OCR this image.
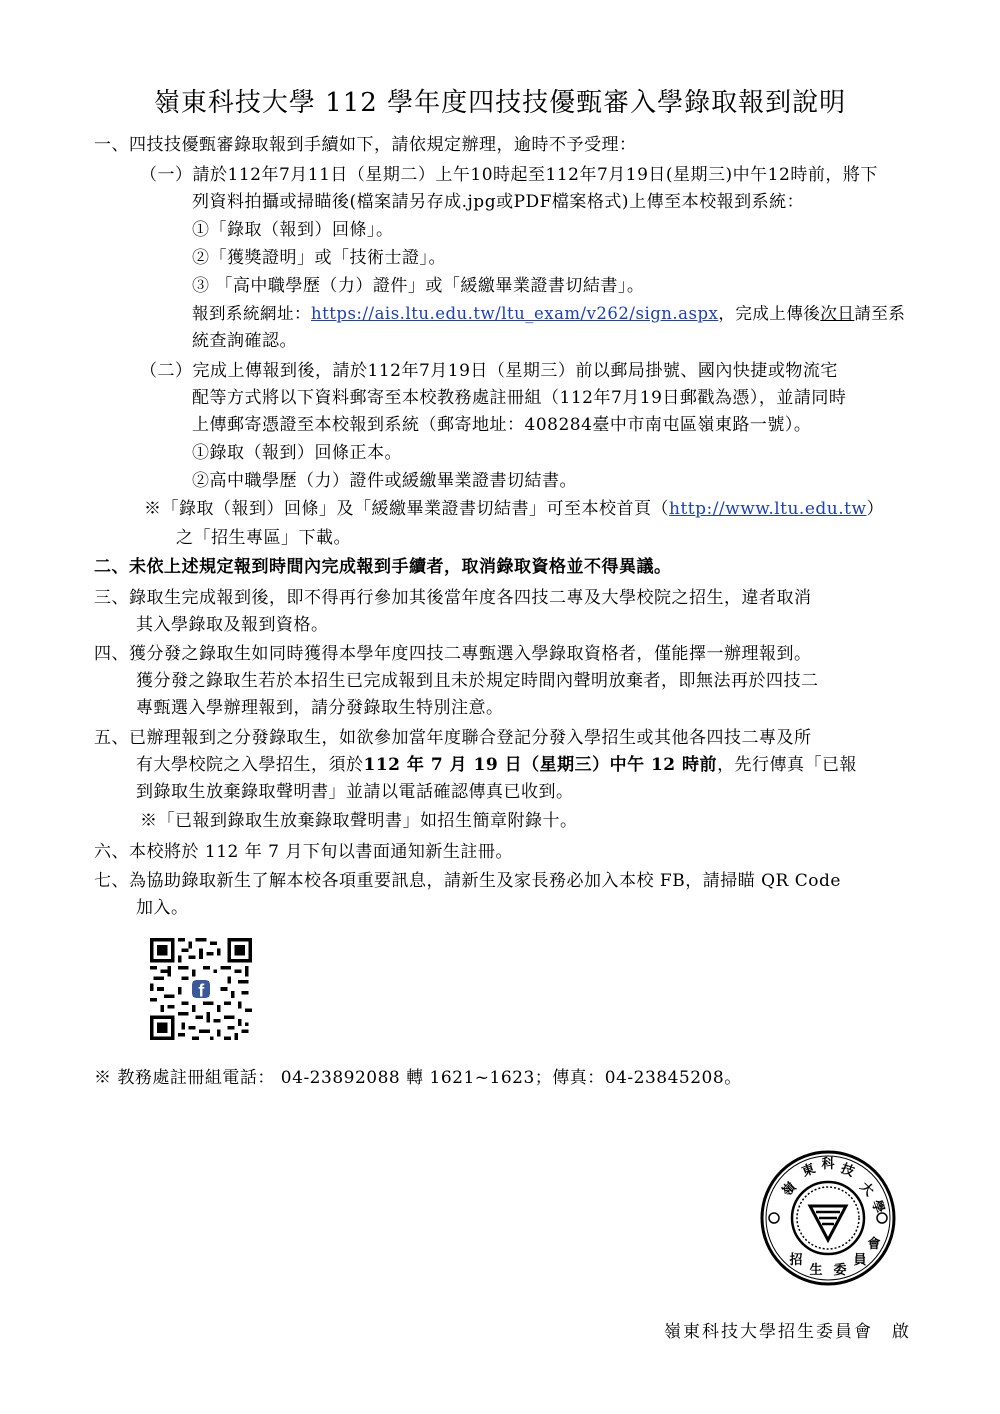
嶺東科技大學 112 學年度四技技優甄審入學錄取報到說明
一、四技技優甄審錄取報到手續如下，請依規定辦理，逾時不予受理：
（一）請於112年7月11日（星期二）上午10時起至112年7月19日(星期三)中午12時前，將下
列資料拍攝或掃瞄後(檔案請另存成.jpg或PDF檔案格式)上傳至本校報到系統：
①「錄取（報到）回條」。
②「獲獎證明」或「技術士證」。
③ 「高中職學歷（力）證件」或「緩繳畢業證書切結書」。
報到系統網址：https://ais.ltu.edu.tw/ltu_exam/v262/sign.aspx，完成上傳後次日請至系
統查詢確認。
（二）完成上傳報到後，請於112年7月19日（星期三）前以郵局掛號、國內快捷或物流宅
配等方式將以下資料郵寄至本校教務處註冊組（112年7月19日郵戳為憑），並請同時
上傳郵寄憑證至本校報到系統（郵寄地址：408284臺中市南屯區嶺東路一號）。
①錄取（報到）回條正本。
②高中職學歷（力）證件或緩繳畢業證書切結書。
※「錄取（報到）回條」及「緩繳畢業證書切結書」可至本校首頁（http://www.ltu.edu.tw）
之「招生專區」下載。
二、未依上述規定報到時間內完成報到手續者，取消錄取資格並不得異議。
三、錄取生完成報到後，即不得再行參加其後當年度各四技二專及大學校院之招生，違者取消
其入學錄取及報到資格。
四、獲分發之錄取生如同時獲得本學年度四技二專甄選入學錄取資格者，僅能擇一辦理報到。
獲分發之錄取生若於本招生已完成報到且未於規定時間內聲明放棄者，即無法再於四技二
專甄選入學辦理報到，請分發錄取生特別注意。
五、已辦理報到之分發錄取生，如欲參加當年度聯合登記分發入學招生或其他各四技二專及所
有大學校院之入學招生，須於112 年 7 月 19 日（星期三）中午 12 時前，先行傳真「已報
到錄取生放棄錄取聲明書」並請以電話確認傳真已收到。
※「已報到錄取生放棄錄取聲明書」如招生簡章附錄十。
六、本校將於 112 年 7 月下旬以書面通知新生註冊。
七、為協助錄取新生了解本校各項重要訊息，請新生及家長務必加入本校 FB，請掃瞄 QR Code
加入。
f
※ 教務處註冊組電話： 04-23892088 轉 1621~1623；傳真：04-23845208。
嶺
東 科 技
大
學
招
生 委
員
會
嶺東科技大學招生委員會　啟
